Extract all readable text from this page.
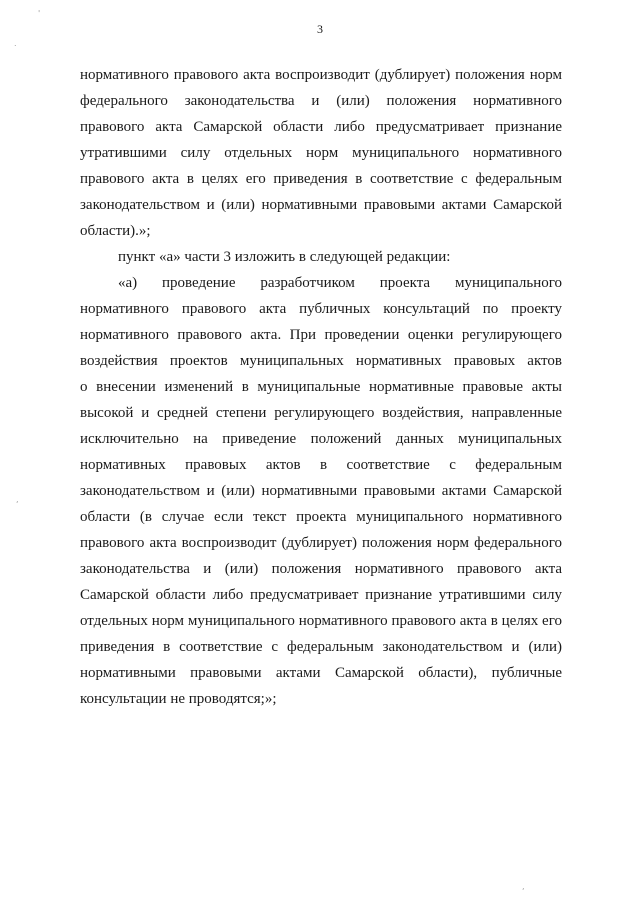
3
нормативного правового акта воспроизводит (дублирует) положения норм
федерального законодательства и (или) положения нормативного
правового акта Самарской области либо предусматривает признание
утратившими силу отдельных норм муниципального нормативного
правового акта в целях его приведения в соответствие с федеральным
законодательством и (или) нормативными правовыми актами Самарской
области).»;
пункт «а» части 3 изложить в следующей редакции:
«а) проведение разработчиком проекта муниципального
нормативного правового акта публичных консультаций по проекту
нормативного правового акта. При проведении оценки регулирующего
воздействия проектов муниципальных нормативных правовых актов
о внесении изменений в муниципальные нормативные правовые акты
высокой и средней степени регулирующего воздействия, направленные
исключительно на приведение положений данных муниципальных
нормативных правовых актов в соответствие с федеральным
законодательством и (или) нормативными правовыми актами Самарской
области (в случае если текст проекта муниципального нормативного
правового акта воспроизводит (дублирует) положения норм федерального
законодательства и (или) положения нормативного правового акта
Самарской области либо предусматривает признание утратившими силу
отдельных норм муниципального нормативного правового акта в целях его
приведения в соответствие с федеральным законодательством и (или)
нормативными правовыми актами Самарской области), публичные
консультации не проводятся;»;
'
.
,
,
